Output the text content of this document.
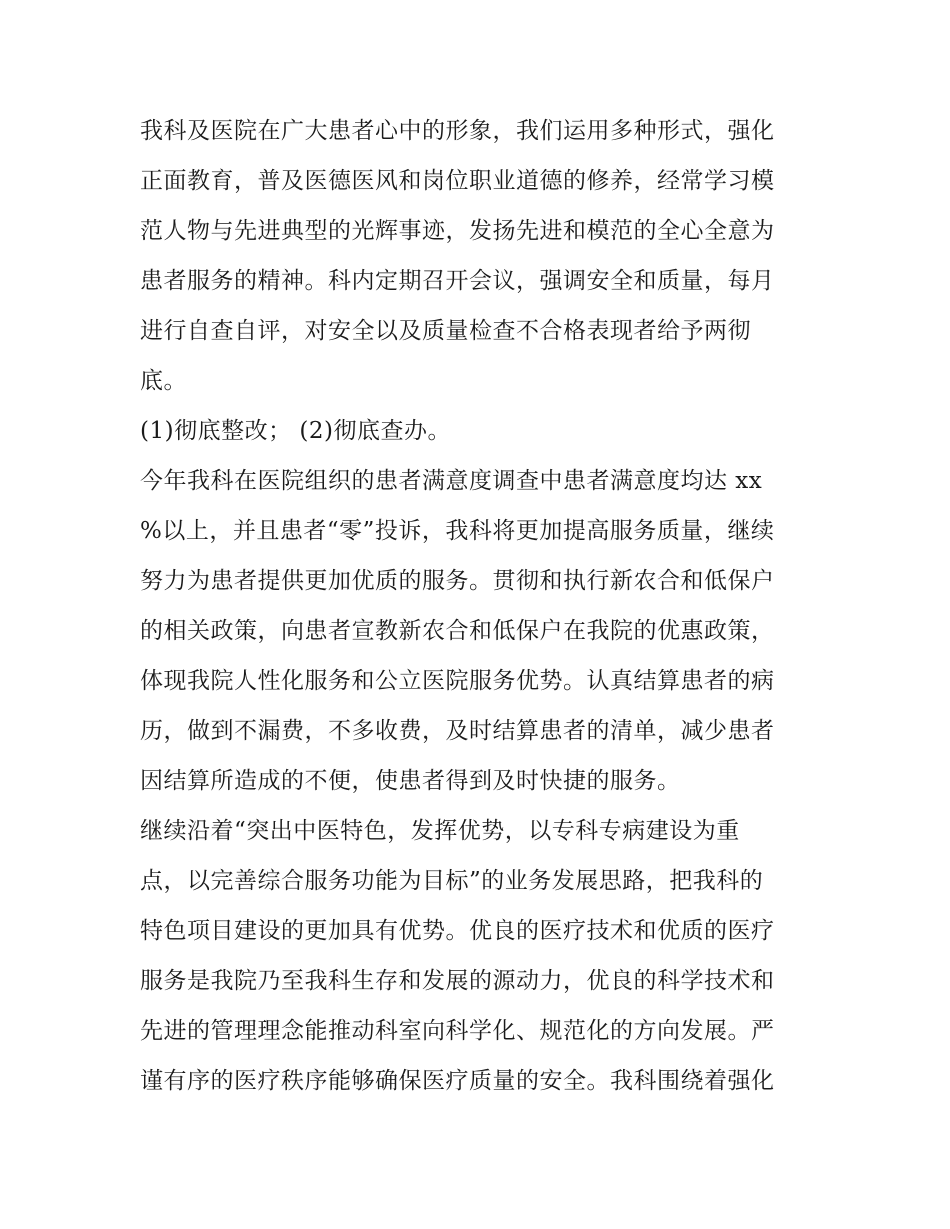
我科及医院在广大患者心中的形象，我们运用多种形式，强化
正面教育，普及医德医风和岗位职业道德的修养，经常学习模
范人物与先进典型的光辉事迹，发扬先进和模范的全心全意为
患者服务的精神。科内定期召开会议，强调安全和质量，每月
进行自查自评，对安全以及质量检查不合格表现者给予两彻
底。
(1)彻底整改； (2)彻底查办。
今年我科在医院组织的患者满意度调查中患者满意度均达 xx
%以上，并且患者“零”投诉，我科将更加提高服务质量，继续
努力为患者提供更加优质的服务。贯彻和执行新农合和低保户
的相关政策，向患者宣教新农合和低保户在我院的优惠政策，
体现我院人性化服务和公立医院服务优势。认真结算患者的病
历，做到不漏费，不多收费，及时结算患者的清单，减少患者
因结算所造成的不便，使患者得到及时快捷的服务。
继续沿着“突出中医特色，发挥优势，以专科专病建设为重
点，以完善综合服务功能为目标”的业务发展思路，把我科的
特色项目建设的更加具有优势。优良的医疗技术和优质的医疗
服务是我院乃至我科生存和发展的源动力，优良的科学技术和
先进的管理理念能推动科室向科学化、规范化的方向发展。严
谨有序的医疗秩序能够确保医疗质量的安全。我科围绕着强化
